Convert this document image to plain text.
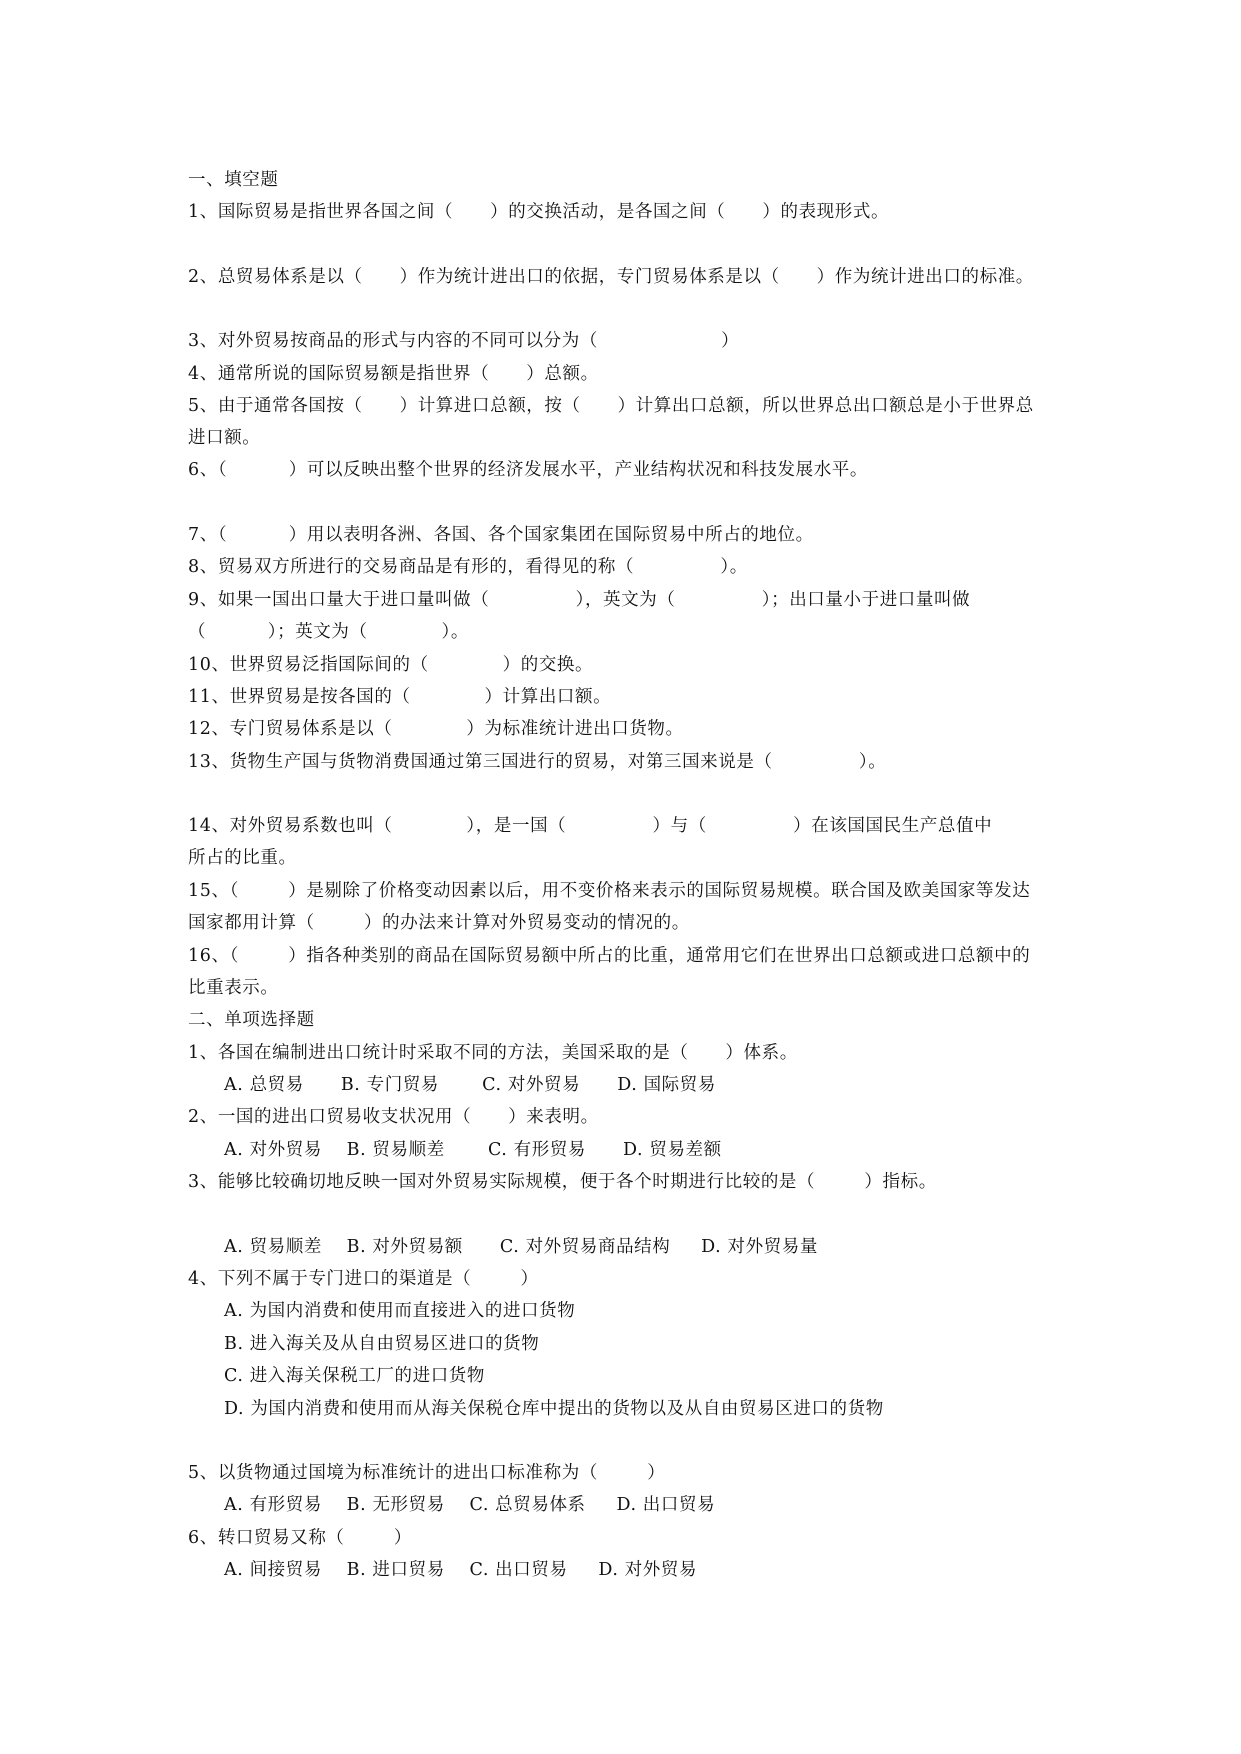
一、填空题
1、国际贸易是指世界各国之间（      ）的交换活动，是各国之间（      ）的表现形式。
2、总贸易体系是以（      ）作为统计进出口的依据，专门贸易体系是以（      ）作为统计进出口的标准。
3、对外贸易按商品的形式与内容的不同可以分为（                    ）
4、通常所说的国际贸易额是指世界（      ）总额。
5、由于通常各国按（      ）计算进口总额，按（      ）计算出口总额，所以世界总出口额总是小于世界总
进口额。
6、（          ）可以反映出整个世界的经济发展水平，产业结构状况和科技发展水平。
7、（          ）用以表明各洲、各国、各个国家集团在国际贸易中所占的地位。
8、贸易双方所进行的交易商品是有形的，看得见的称（              ）。
9、如果一国出口量大于进口量叫做（              ），英文为（              ）；出口量小于进口量叫做
（          ）；英文为（            ）。
10、世界贸易泛指国际间的（            ）的交换。
11、世界贸易是按各国的（            ）计算出口额。
12、专门贸易体系是以（            ）为标准统计进出口货物。
13、货物生产国与货物消费国通过第三国进行的贸易，对第三国来说是（              ）。
14、对外贸易系数也叫（            ），是一国（              ）与（              ）在该国国民生产总值中
所占的比重。
15、（        ）是剔除了价格变动因素以后，用不变价格来表示的国际贸易规模。联合国及欧美国家等发达
国家都用计算（        ）的办法来计算对外贸易变动的情况的。
16、（        ）指各种类别的商品在国际贸易额中所占的比重，通常用它们在世界出口总额或进口总额中的
比重表示。
二、单项选择题
1、各国在编制进出口统计时采取不同的方法，美国采取的是（      ）体系。
A. 总贸易      B. 专门贸易       C. 对外贸易      D. 国际贸易
2、一国的进出口贸易收支状况用（      ）来表明。
A. 对外贸易    B. 贸易顺差       C. 有形贸易      D. 贸易差额
3、能够比较确切地反映一国对外贸易实际规模，便于各个时期进行比较的是（        ）指标。
A. 贸易顺差    B. 对外贸易额      C. 对外贸易商品结构     D. 对外贸易量
4、下列不属于专门进口的渠道是（        ）
A. 为国内消费和使用而直接进入的进口货物
B. 进入海关及从自由贸易区进口的货物
C. 进入海关保税工厂的进口货物
D. 为国内消费和使用而从海关保税仓库中提出的货物以及从自由贸易区进口的货物
5、以货物通过国境为标准统计的进出口标准称为（        ）
A. 有形贸易    B. 无形贸易    C. 总贸易体系     D. 出口贸易
6、转口贸易又称（        ）
A. 间接贸易    B. 进口贸易    C. 出口贸易     D. 对外贸易
